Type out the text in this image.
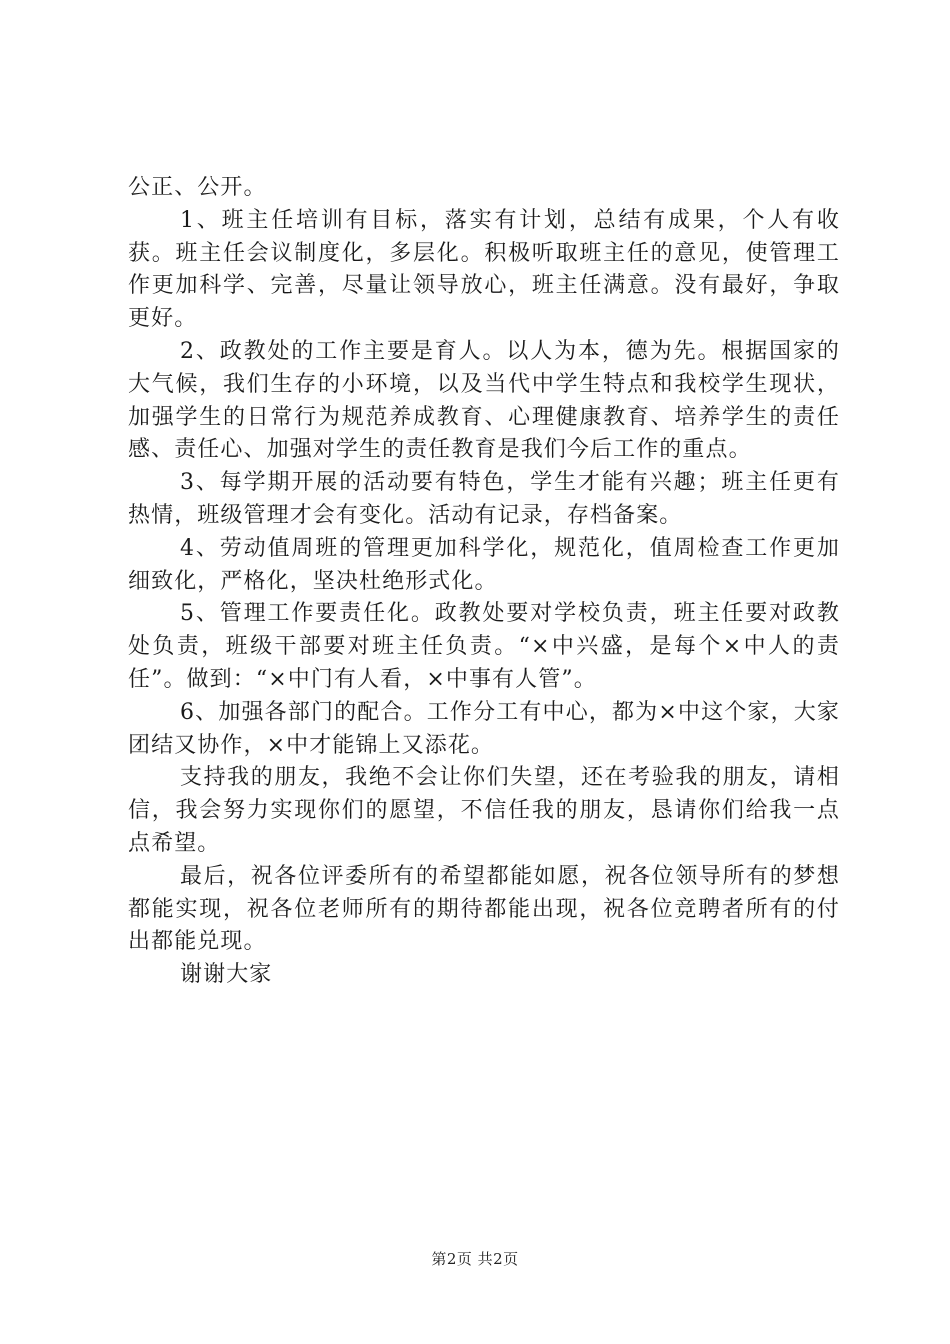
公正、公开。

1、班主任培训有目标，落实有计划，总结有成果，个人有收获。班主任会议制度化，多层化。积极听取班主任的意见，使管理工作更加科学、完善，尽量让领导放心，班主任满意。没有最好，争取更好。

2、政教处的工作主要是育人。以人为本，德为先。根据国家的大气候，我们生存的小环境，以及当代中学生特点和我校学生现状，加强学生的日常行为规范养成教育、心理健康教育、培养学生的责任感、责任心、加强对学生的责任教育是我们今后工作的重点。

3、每学期开展的活动要有特色，学生才能有兴趣；班主任更有热情，班级管理才会有变化。活动有记录，存档备案。

4、劳动值周班的管理更加科学化，规范化，值周检查工作更加细致化，严格化，坚决杜绝形式化。

5、管理工作要责任化。政教处要对学校负责，班主任要对政教处负责，班级干部要对班主任负责。“×中兴盛，是每个×中人的责任”。做到：“×中门有人看，×中事有人管”。

6、加强各部门的配合。工作分工有中心，都为×中这个家，大家团结又协作，×中才能锦上又添花。

支持我的朋友，我绝不会让你们失望，还在考验我的朋友，请相信，我会努力实现你们的愿望，不信任我的朋友，恳请你们给我一点点希望。

最后，祝各位评委所有的希望都能如愿，祝各位领导所有的梦想都能实现，祝各位老师所有的期待都能出现，祝各位竞聘者所有的付出都能兑现。

谢谢大家

第2页 共2页
